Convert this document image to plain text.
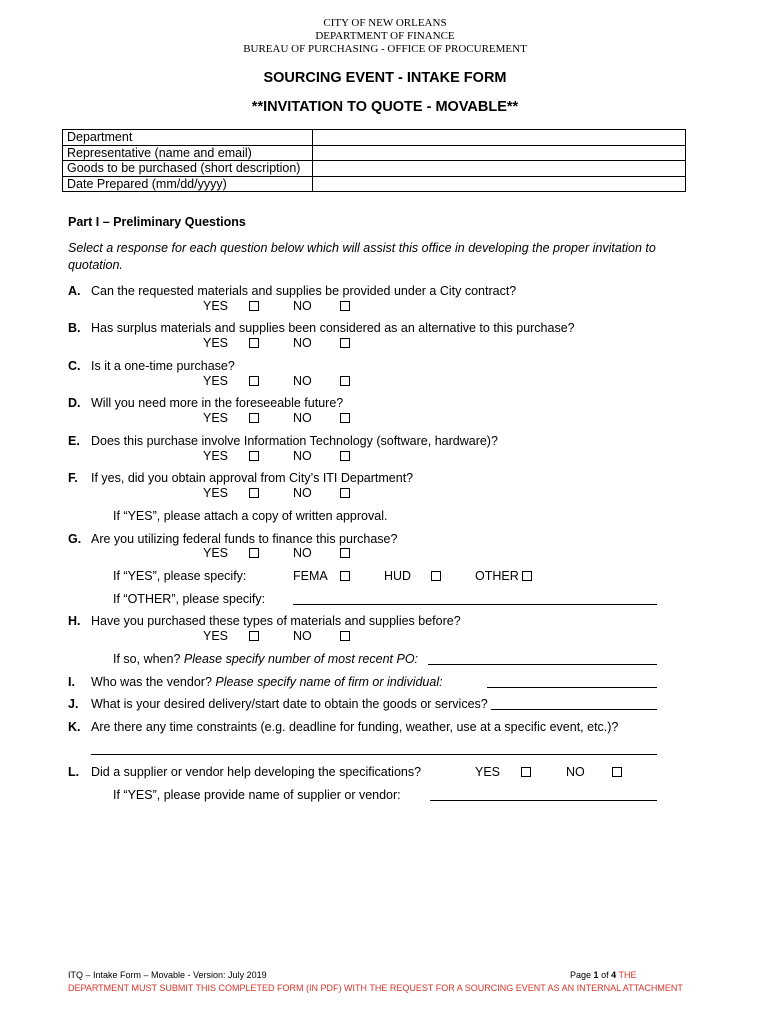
CITY OF NEW ORLEANS
DEPARTMENT OF FINANCE
BUREAU OF PURCHASING - OFFICE OF PROCUREMENT
SOURCING EVENT - INTAKE FORM
**INVITATION TO QUOTE - MOVABLE**
Department	
Representative (name and email)	
Goods to be purchased (short description)	
Date Prepared (mm/dd/yyyy)	
Part I – Preliminary Questions
Select a response for each question below which will assist this office in developing the proper invitation to
quotation.
A. Can the requested materials and supplies be provided under a City contract?
YES	NO
B. Has surplus materials and supplies been considered as an alternative to this purchase?
YES	NO
C. Is it a one-time purchase?
YES	NO
D. Will you need more in the foreseeable future?
YES	NO
E. Does this purchase involve Information Technology (software, hardware)?
YES	NO
F. If yes, did you obtain approval from City’s ITI Department?
YES	NO
If “YES”, please attach a copy of written approval.
G. Are you utilizing federal funds to finance this purchase?
YES	NO
If “YES”, please specify:	FEMA	HUD	OTHER
If “OTHER”, please specify:
H. Have you purchased these types of materials and supplies before?
YES	NO
If so, when? Please specify number of most recent PO:
I. Who was the vendor? Please specify name of firm or individual:
J. What is your desired delivery/start date to obtain the goods or services?
K. Are there any time constraints (e.g. deadline for funding, weather, use at a specific event, etc.)?
L. Did a supplier or vendor help developing the specifications?	YES	NO
If “YES”, please provide name of supplier or vendor:
ITQ – Intake Form – Movable - Version: July 2019	Page 1 of 4 THE
DEPARTMENT MUST SUBMIT THIS COMPLETED FORM (IN PDF) WITH THE REQUEST FOR A SOURCING EVENT AS AN INTERNAL ATTACHMENT
